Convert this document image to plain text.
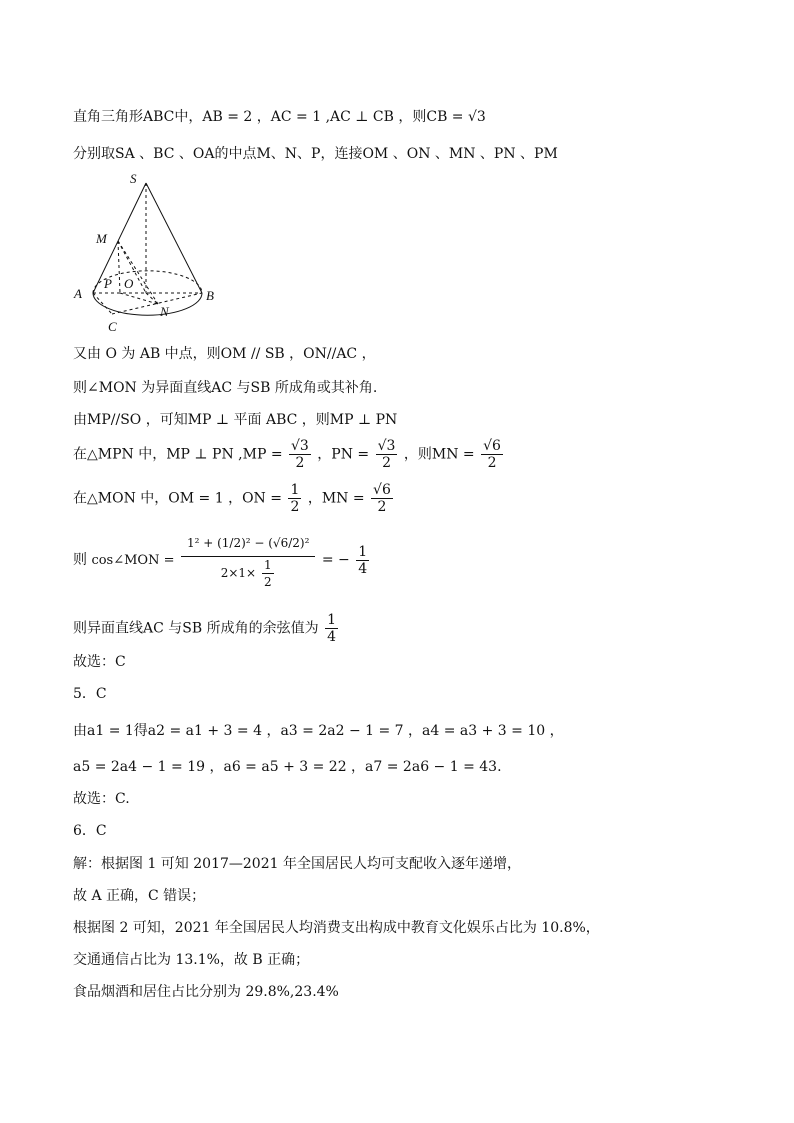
直角三角形ABC中，AB = 2 ，AC = 1 ,AC ⊥ CB ，则CB = √3
分别取SA 、BC 、OA的中点M、N、P，连接OM 、ON 、MN 、PN 、PM
S
M
A
P O
B
C
N
又由 O 为 AB 中点，则OM // SB ，ON//AC ，
则∠MON 为异面直线AC 与SB 所成角或其补角.
由MP//SO ，可知MP ⊥ 平面 ABC ，则MP ⊥ PN
在△MPN 中，MP ⊥ PN $,MP = \frac{√3}{2}$ ，PN = $\frac{√3}{2}$ ，则MN = $\frac{√6}{2}$
在△MON 中，OM = 1 ，ON = $\frac{1}{2}$ ，MN = $\frac{√6}{2}$
则 cos∠MON = $\frac{\text{1² + (1/2)² − (√6/2)²}}{2\times 1\times \frac{1}{2}}$ = − $\frac{1}{4}$
则异面直线AC 与SB 所成角的余弦值为 $\frac{1}{4}$
故选：C
5．C
由a1 = 1得a2 = a1 + 3 = 4 ，a3 = 2a2 − 1 = 7 ，a4 = a3 + 3 = 10 ，
a5 = 2a4 − 1 = 19 ，a6 = a5 + 3 = 22 ，a7 = 2a6 − 1 = 43.
故选：C.
6．C
解：根据图 1 可知 2017—2021 年全国居民人均可支配收入逐年递增，
故 A 正确，C 错误；
根据图 2 可知，2021 年全国居民人均消费支出构成中教育文化娱乐占比为 10.8%，
交通通信占比为 13.1%，故 B 正确；
食品烟酒和居住占比分别为 29.8%,23.4%
